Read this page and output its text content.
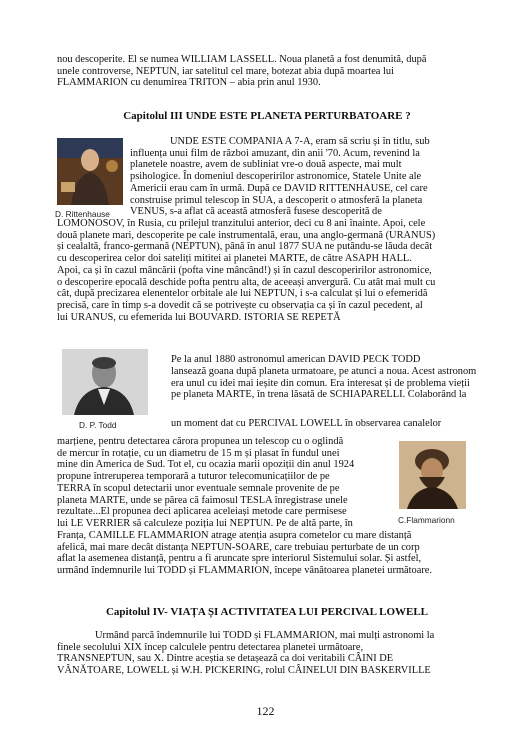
nou descoperite. El se numea WILLIAM LASSELL. Noua planetă a fost denumită, după
unele controverse, NEPTUN, iar satelitul cel mare, botezat abia după moartea lui
FLAMMARION cu denumirea TRITON – abia prin anul 1930.
Capitolul III UNDE ESTE PLANETA PERTURBATOARE ?
D. Rittenhause
UNDE ESTE COMPANIA A 7-A, eram să scriu și în titlu, sub
influența unui film de război amuzant, din anii '70. Acum, revenind la
planetele noastre, avem de subliniat vre-o două aspecte, mai mult
psihologice. În domeniul descoperirilor astronomice, Statele Unite ale
Americii erau cam în urmă. După ce DAVID RITTENHAUSE, cel care
construise primul telescop în SUA, a descoperit o atmosferă la planeta
VENUS, s-a aflat că această atmosferă fusese descoperită de
LOMONOSOV, în Rusia, cu prilejul tranzitului anterior, deci cu 8 ani înainte. Apoi, cele
două planete mari, descoperite pe cale instrumentală, erau, una anglo-germană (URANUS)
și cealaltă, franco-germană (NEPTUN), până în anul 1877 SUA ne putându-se lăuda decât
cu descoperirea celor doi sateliți mititei ai planetei MARTE, de către ASAPH HALL.
Apoi, ca și în cazul mâncării (pofta vine mâncând!) și în cazul descoperirilor astronomice,
o descoperire epocală deschide pofta pentru alta, de aceeași anvergură. Cu atât mai mult cu
cât, după precizarea elenentelor orbitale ale lui NEPTUN, i s-a calculat și lui o efemeridă
precisă, care în timp s-a dovedit că se potrivește cu observația ca și în cazul pecedent, al
lui URANUS, cu efemerida lui BOUVARD. ISTORIA SE REPETĂ
D. P. Todd
Pe la anul 1880 astronomul american DAVID PECK TODD
lansează goana după planeta urmatoare, pe atunci a noua. Acest astronom
era unul cu idei mai ieșite din comun. Era interesat și de problema vieții
pe planeta MARTE, în trena lăsată de SCHIAPARELLI. Colaborând la
un moment dat cu PERCIVAL LOWELL în observarea canalelor
marțiene, pentru detectarea cărora propunea un telescop cu o oglindă
de mercur în rotație, cu un diametru de 15 m și plasat în fundul unei
mine din America de Sud. Tot el, cu ocazia marii opoziții din anul 1924
propune întreruperea temporară a tuturor telecomunicațiilor de pe
TERRA în scopul detectarii unor eventuale semnale provenite de pe
planeta MARTE, unde se părea că faimosul TESLA înregistrase unele
rezultate...El propunea deci aplicarea aceleiași metode care permisese
lui LE VERRIER să calculeze poziția lui NEPTUN. Pe de altă parte, în
Franța, CAMILLE FLAMMARION atrage atenția asupra cometelor cu mare distanță
afelică, mai mare decât distanța NEPTUN-SOARE, care trebuiau perturbate de un corp
aflat la asemenea distanță, pentru a fi aruncate spre interiorul Sistemului solar. Și astfel,
urmând îndemnurile lui TODD și FLAMMARION, începe vânătoarea planetei următoare.
C.Flammarionn
Capitolul IV- VIAȚA ȘI ACTIVITATEA LUI PERCIVAL LOWELL
Urmând parcă îndemnurile lui TODD și FLAMMARION, mai mulți astronomi la
finele secolului XIX încep calculele pentru detectarea planetei următoare,
TRANSNEPTUN, sau X. Dintre aceștia se detașează ca doi veritabili CÂINI DE
VÂNĂTOARE, LOWELL și W.H. PICKERING, rolul CÂINELUI DIN BASKERVILLE
122
